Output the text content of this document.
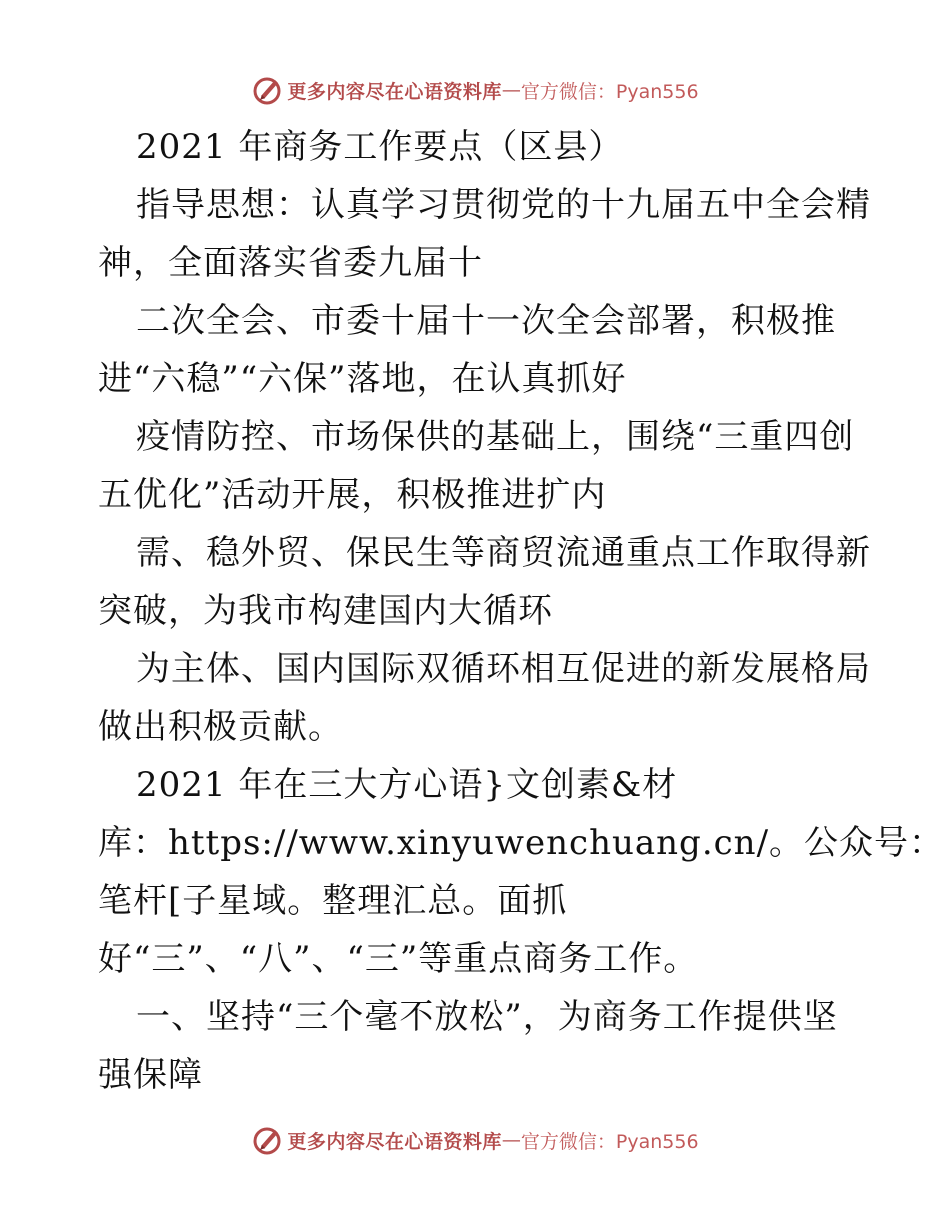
更多内容尽在心语资料库 — 官方微信：Pyan556
2021 年商务工作要点（区县）
指导思想：认真学习贯彻党的十九届五中全会精
神，全面落实省委九届十
二次全会、市委十届十一次全会部署，积极推
进“六稳”“六保”落地，在认真抓好
疫情防控、市场保供的基础上，围绕“三重四创
五优化”活动开展，积极推进扩内
需、稳外贸、保民生等商贸流通重点工作取得新
突破，为我市构建国内大循环
为主体、国内国际双循环相互促进的新发展格局
做出积极贡献。
2021 年在三大方心语}文创素&材
库：https://www.xinyuwenchuang.cn/。公众号：
笔杆[子星域。整理汇总。面抓
好“三”、“八”、“三”等重点商务工作。
一、坚持“三个毫不放松”，为商务工作提供坚
强保障
更多内容尽在心语资料库 — 官方微信：Pyan556
